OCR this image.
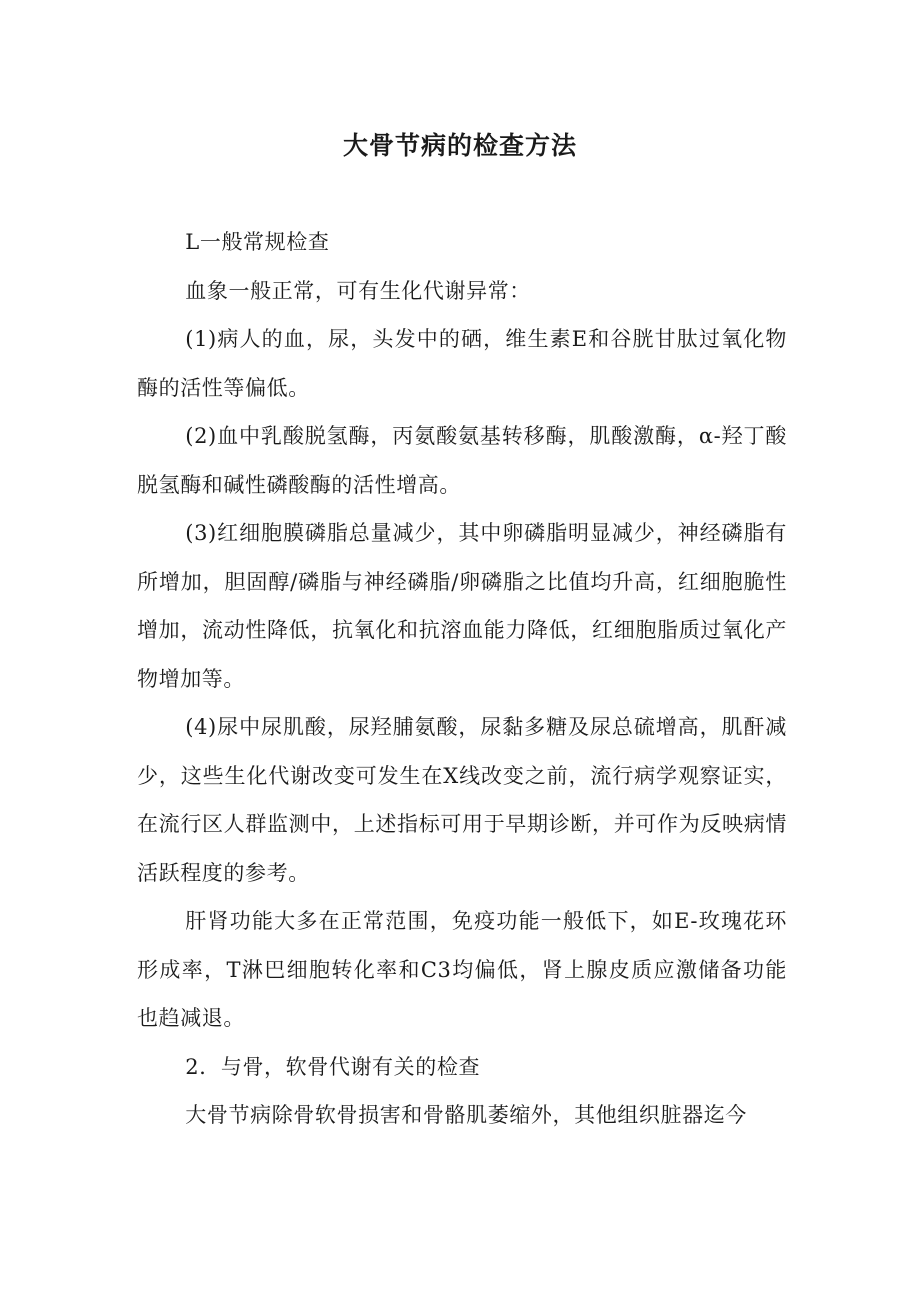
大骨节病的检查方法

L一般常规检查

血象一般正常，可有生化代谢异常：

(1)病人的血，尿，头发中的硒，维生素E和谷胱甘肽过氧化物酶的活性等偏低。

(2)血中乳酸脱氢酶，丙氨酸氨基转移酶，肌酸激酶，α-羟丁酸脱氢酶和碱性磷酸酶的活性增高。

(3)红细胞膜磷脂总量减少，其中卵磷脂明显减少，神经磷脂有所增加，胆固醇/磷脂与神经磷脂/卵磷脂之比值均升高，红细胞脆性增加，流动性降低，抗氧化和抗溶血能力降低，红细胞脂质过氧化产物增加等。

(4)尿中尿肌酸，尿羟脯氨酸，尿黏多糖及尿总硫增高，肌酐减少，这些生化代谢改变可发生在X线改变之前，流行病学观察证实，在流行区人群监测中，上述指标可用于早期诊断，并可作为反映病情活跃程度的参考。

肝肾功能大多在正常范围，免疫功能一般低下，如E-玫瑰花环形成率，T淋巴细胞转化率和C3均偏低，肾上腺皮质应激储备功能也趋减退。

2．与骨，软骨代谢有关的检查

大骨节病除骨软骨损害和骨骼肌萎缩外，其他组织脏器迄今
